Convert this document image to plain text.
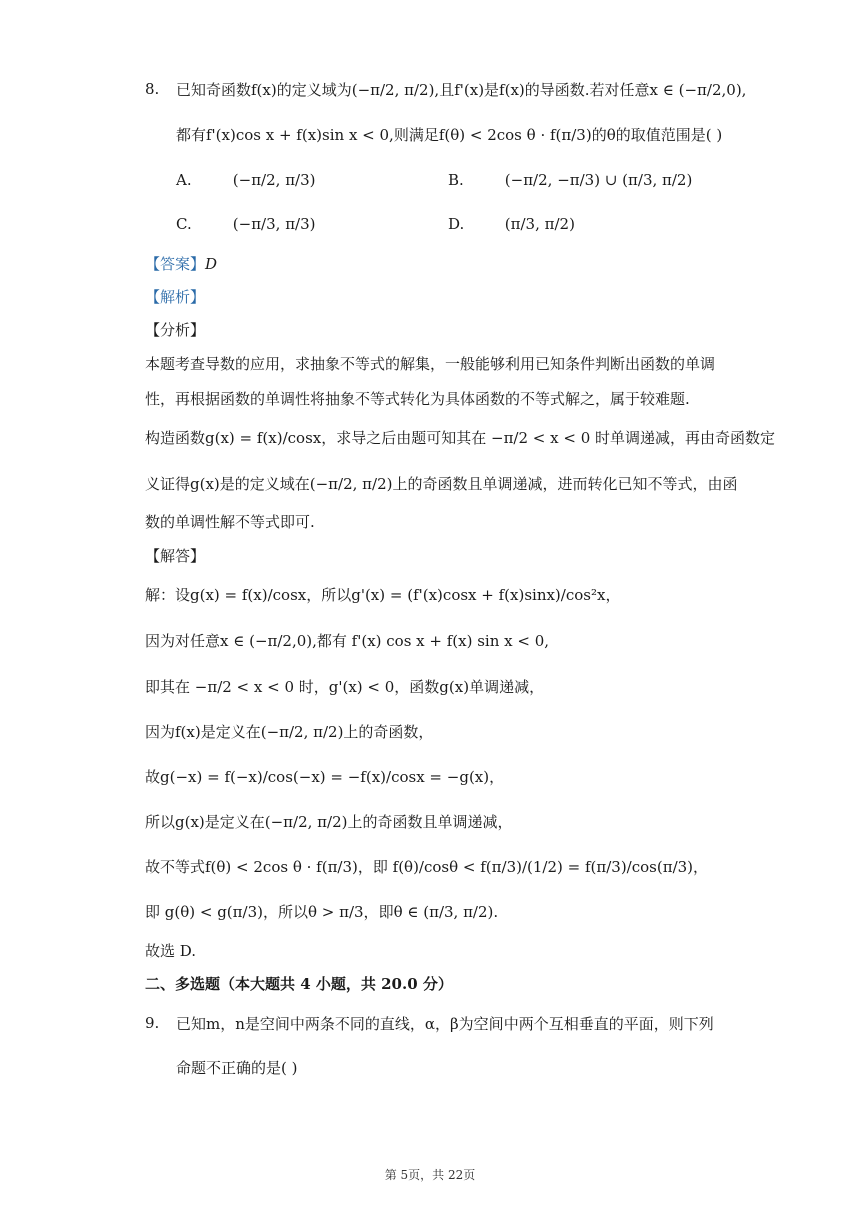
8. 已知奇函数f(x)的定义域为(−π/2, π/2),且f'(x)是f(x)的导函数.若对任意x ∈ (−π/2,0),
都有f'(x)cos x + f(x)sin x < 0,则满足f(θ) < 2cos θ · f(π/3)的θ的取值范围是( )
A.	(−π/2, π/3)	B.	(−π/2, −π/3) ∪ (π/3, π/2)
C.	(−π/3, π/3)	D.	(π/3, π/2)
【答案】D
【解析】
【分析】
本题考查导数的应用，求抽象不等式的解集，一般能够利用已知条件判断出函数的单调
性，再根据函数的单调性将抽象不等式转化为具体函数的不等式解之，属于较难题.
构造函数g(x) = f(x)/cosx，求导之后由题可知其在 −π/2 < x < 0 时单调递减，再由奇函数定
义证得g(x)是的定义域在(−π/2, π/2)上的奇函数且单调递减，进而转化已知不等式，由函
数的单调性解不等式即可.
【解答】
解：设g(x) = f(x)/cosx，所以g'(x) = (f'(x)cosx + f(x)sinx)/cos²x，
因为对任意x ∈ (−π/2,0),都有 f'(x) cos x + f(x) sin x < 0,
即其在 −π/2 < x < 0 时，g'(x) < 0，函数g(x)单调递减，
因为f(x)是定义在(−π/2, π/2)上的奇函数，
故g(−x) = f(−x)/cos(−x) = −f(x)/cosx = −g(x)，
所以g(x)是定义在(−π/2, π/2)上的奇函数且单调递减，
故不等式f(θ) < 2cos θ · f(π/3)，即 f(θ)/cosθ < f(π/3)/(1/2) = f(π/3)/cos(π/3)，
即 g(θ) < g(π/3)，所以θ > π/3，即θ ∈ (π/3, π/2).
故选 D.
二、多选题（本大题共 4 小题，共 20.0 分）
9. 已知m，n是空间中两条不同的直线，α，β为空间中两个互相垂直的平面，则下列
命题不正确的是( )
第 5页，共 22页
